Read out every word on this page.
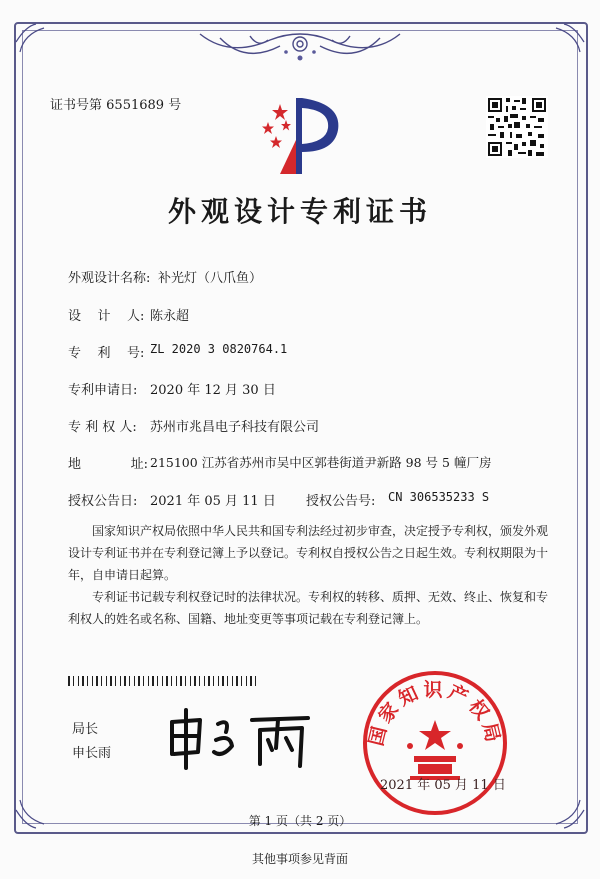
证书号第 6551689 号
外观设计专利证书
外观设计名称: 补光灯（八爪鱼）
设    计    人: 陈永超
专    利    号: ZL 2020 3 0820764.1
专利申请日: 2020 年 12 月 30 日
专 利 权 人: 苏州市兆昌电子科技有限公司
地            址: 215100 江苏省苏州市吴中区郭巷街道尹新路 98 号 5 幢厂房
授权公告日: 2021 年 05 月 11 日 授权公告号: CN 306535233 S
国家知识产权局依照中华人民共和国专利法经过初步审查，决定授予专利权，颁发外观
设计专利证书并在专利登记簿上予以登记。专利权自授权公告之日起生效。专利权期限为十
年，自申请日起算。
专利证书记载专利权登记时的法律状况。专利权的转移、质押、无效、终止、恢复和专
利权人的姓名或名称、国籍、地址变更等事项记载在专利登记簿上。
局长
申长雨
国家知识产权局
2021 年 05 月 11 日
第 1 页（共 2 页）
其他事项参见背面
